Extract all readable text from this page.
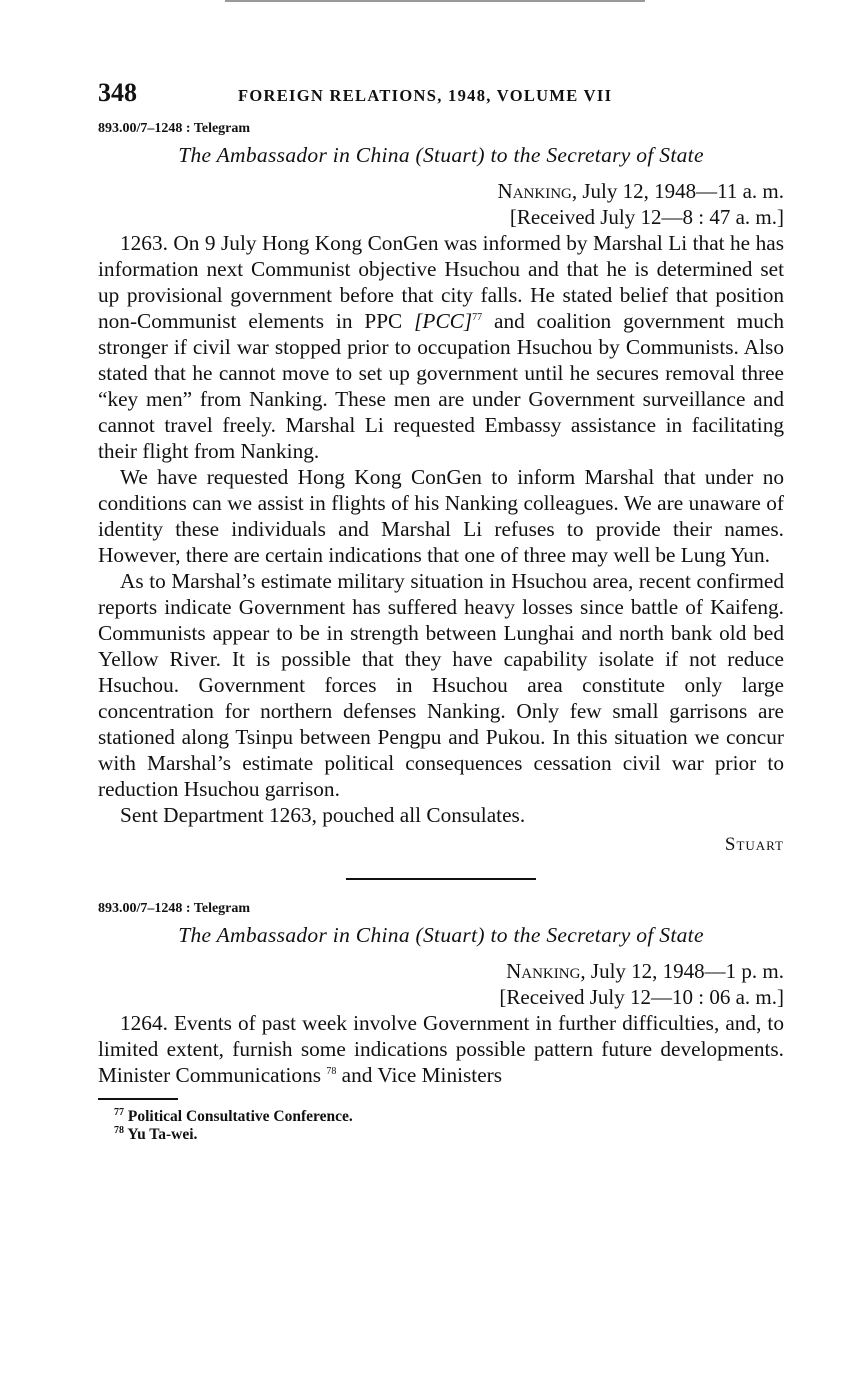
348	FOREIGN RELATIONS, 1948, VOLUME VII
893.00/7–1248 : Telegram
The Ambassador in China (Stuart) to the Secretary of State
Nanking, July 12, 1948—11 a. m.
[Received July 12—8 : 47 a. m.]

1263. On 9 July Hong Kong ConGen was informed by Marshal Li that he has information next Communist objective Hsuchou and that he is determined set up provisional government before that city falls. He stated belief that position non-Communist elements in PPC [PCC]$^{77}$ and coalition government much stronger if civil war stopped prior to occupation Hsuchou by Communists. Also stated that he cannot move to set up government until he secures removal three “key men” from Nanking. These men are under Government surveillance and cannot travel freely. Marshal Li requested Embassy assistance in facilitating their flight from Nanking.

We have requested Hong Kong ConGen to inform Marshal that under no conditions can we assist in flights of his Nanking colleagues. We are unaware of identity these individuals and Marshal Li refuses to provide their names. However, there are certain indications that one of three may well be Lung Yun.

As to Marshal’s estimate military situation in Hsuchou area, recent confirmed reports indicate Government has suffered heavy losses since battle of Kaifeng. Communists appear to be in strength between Lunghai and north bank old bed Yellow River. It is possible that they have capability isolate if not reduce Hsuchou. Government forces in Hsuchou area constitute only large concentration for northern defenses Nanking. Only few small garrisons are stationed along Tsinpu between Pengpu and Pukou. In this situation we concur with Marshal’s estimate political consequences cessation civil war prior to reduction Hsuchou garrison.

Sent Department 1263, pouched all Consulates.

Stuart
893.00/7–1248 : Telegram
The Ambassador in China (Stuart) to the Secretary of State
Nanking, July 12, 1948—1 p. m.
[Received July 12—10 : 06 a. m.]

1264. Events of past week involve Government in further difficulties, and, to limited extent, furnish some indications possible pattern future developments. Minister Communications $^{78}$ and Vice Ministers

$^{77}$ Political Consultative Conference.
$^{78}$ Yu Ta-wei.
